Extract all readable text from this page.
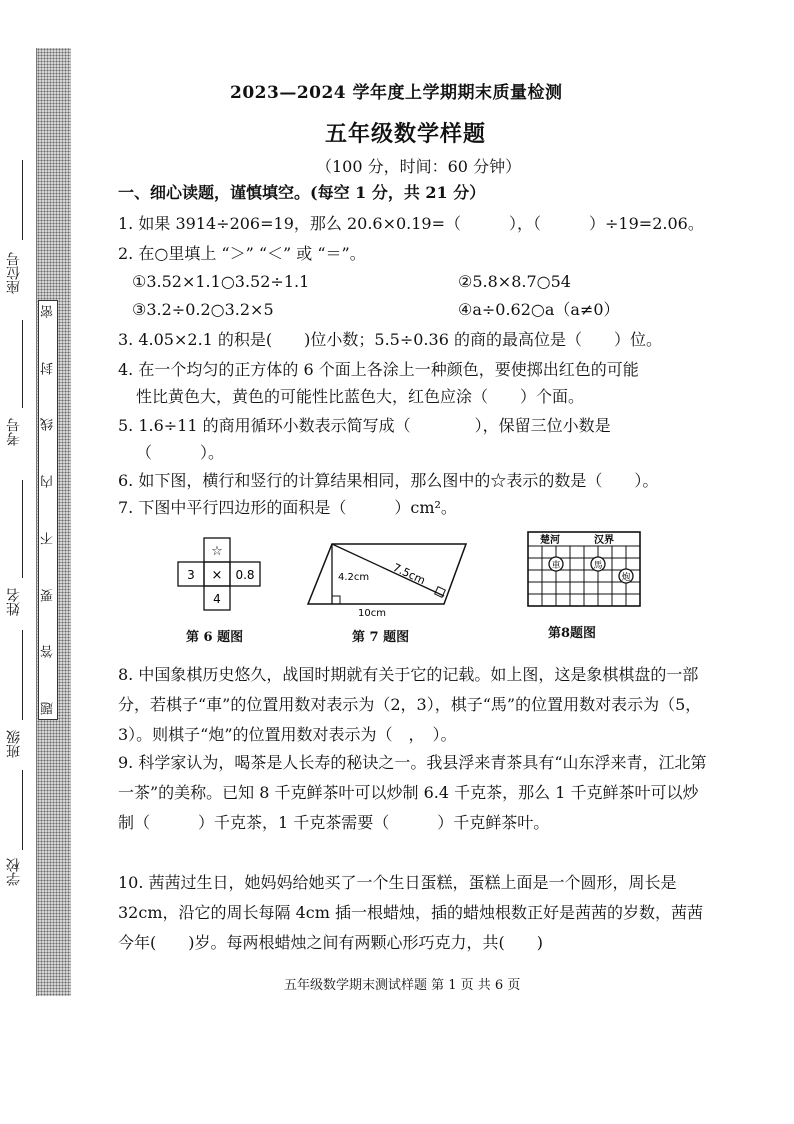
密
封
线
内
不
要
答
题
座位号
考号
姓名
班级
学校
2023—2024 学年度上学期期末质量检测
五年级数学样题
（100 分，时间：60 分钟）
一、细心读题，谨慎填空。(每空 1 分，共 21 分）
1. 如果 3914÷206=19，那么 20.6×0.19=（　　　），（　　　）÷19=2.06。
2. 在○里填上 “＞” “＜” 或 “＝”。
①3.52×1.1○3.52÷1.1	②5.8×8.7○54
③3.2÷0.2○3.2×5	④a÷0.62○a（a≠0）
3. 4.05×2.1 的积是(　　)位小数；5.5÷0.36 的商的最高位是（　　）位。
4. 在一个均匀的正方体的 6 个面上各涂上一种颜色，要使掷出红色的可能
性比黄色大，黄色的可能性比蓝色大，红色应涂（　　）个面。
5. 1.6÷11 的商用循环小数表示简写成（　　　　），保留三位小数是
（　　　）。
6. 如下图，横行和竖行的计算结果相同，那么图中的☆表示的数是（　　）。
7. 下图中平行四边形的面积是（　　　）cm²。
☆
3 × 0.8
4
第 6 题图
4.2cm 7.5cm
10cm
第 7 题图
楚河	汉界
車	馬
炮
第8题图
8. 中国象棋历史悠久，战国时期就有关于它的记载。如上图，这是象棋棋盘的一部分，若棋子“車”的位置用数对表示为（2，3），棋子“馬”的位置用数对表示为（5，3）。则棋子“炮”的位置用数对表示为（　，　）。
9. 科学家认为，喝茶是人长寿的秘诀之一。我县浮来青茶具有“山东浮来青，江北第一茶”的美称。已知 8 千克鲜茶叶可以炒制 6.4 千克茶，那么 1 千克鲜茶叶可以炒制（　　　）千克茶，1 千克茶需要（　　　）千克鲜茶叶。
10. 茜茜过生日，她妈妈给她买了一个生日蛋糕，蛋糕上面是一个圆形，周长是 32cm，沿它的周长每隔 4cm 插一根蜡烛，插的蜡烛根数正好是茜茜的岁数，茜茜今年(　　)岁。每两根蜡烛之间有两颗心形巧克力，共(　　)
五年级数学期末测试样题 第 1 页 共 6 页
